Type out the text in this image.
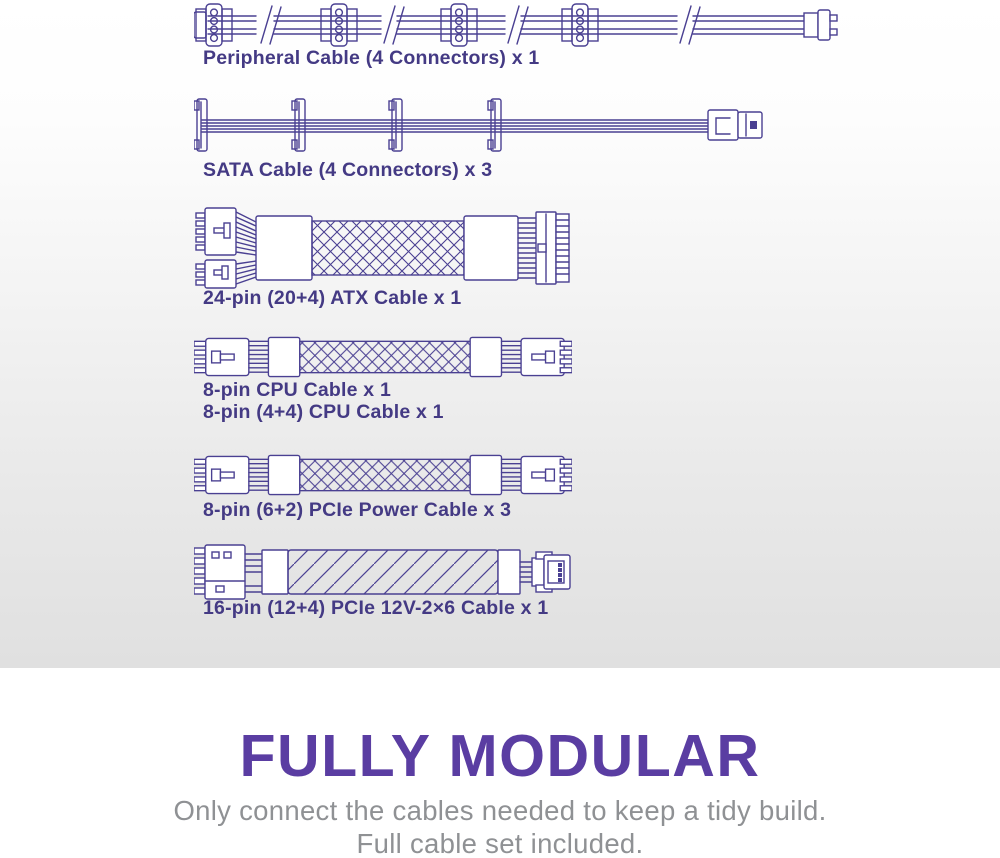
Peripheral Cable (4 Connectors) x 1
SATA Cable (4 Connectors) x 3
24-pin (20+4) ATX Cable x 1
8-pin CPU Cable x 1
8-pin (4+4) CPU Cable x 1
8-pin (6+2) PCIe Power Cable x 3
16-pin (12+4) PCIe 12V-2×6 Cable x 1
FULLY MODULAR
Only connect the cables needed to keep a tidy build.
Full cable set included.
